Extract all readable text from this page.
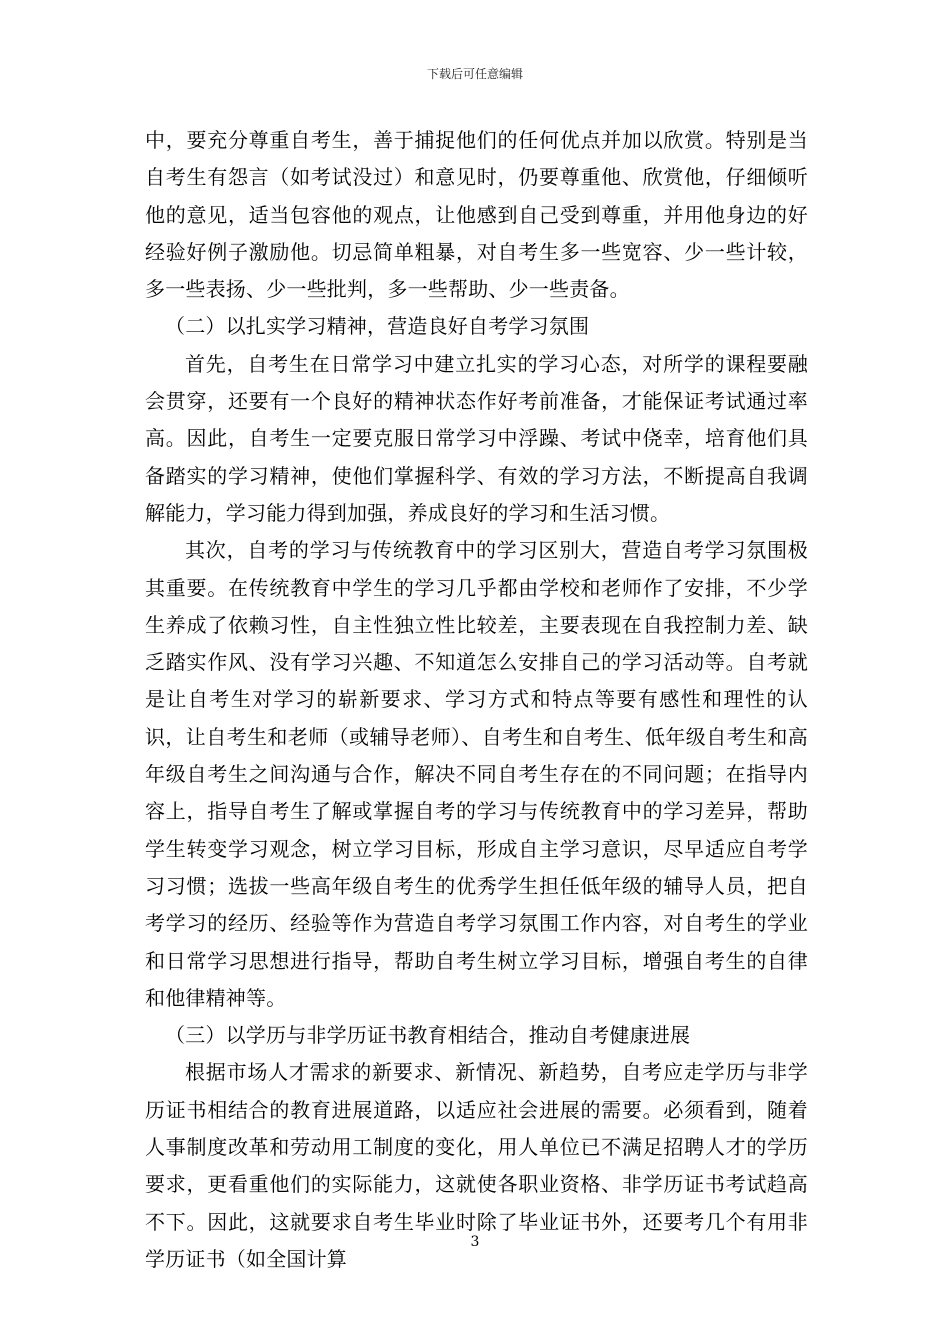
下载后可任意编辑

中，要充分尊重自考生，善于捕捉他们的任何优点并加以欣赏。特别是当自考生有怨言（如考试没过）和意见时，仍要尊重他、欣赏他，仔细倾听他的意见，适当包容他的观点，让他感到自己受到尊重，并用他身边的好经验好例子激励他。切忌简单粗暴，对自考生多一些宽容、少一些计较，多一些表扬、少一些批判，多一些帮助、少一些责备。

（二）以扎实学习精神，营造良好自考学习氛围

首先，自考生在日常学习中建立扎实的学习心态，对所学的课程要融会贯穿，还要有一个良好的精神状态作好考前准备，才能保证考试通过率高。因此，自考生一定要克服日常学习中浮躁、考试中侥幸，培育他们具备踏实的学习精神，使他们掌握科学、有效的学习方法，不断提高自我调解能力，学习能力得到加强，养成良好的学习和生活习惯。

其次，自考的学习与传统教育中的学习区别大，营造自考学习氛围极其重要。在传统教育中学生的学习几乎都由学校和老师作了安排，不少学生养成了依赖习性，自主性独立性比较差，主要表现在自我控制力差、缺乏踏实作风、没有学习兴趣、不知道怎么安排自己的学习活动等。自考就是让自考生对学习的崭新要求、学习方式和特点等要有感性和理性的认识，让自考生和老师（或辅导老师）、自考生和自考生、低年级自考生和高年级自考生之间沟通与合作，解决不同自考生存在的不同问题；在指导内容上，指导自考生了解或掌握自考的学习与传统教育中的学习差异，帮助学生转变学习观念，树立学习目标，形成自主学习意识，尽早适应自考学习习惯；选拔一些高年级自考生的优秀学生担任低年级的辅导人员，把自考学习的经历、经验等作为营造自考学习氛围工作内容，对自考生的学业和日常学习思想进行指导，帮助自考生树立学习目标，增强自考生的自律和他律精神等。

（三）以学历与非学历证书教育相结合，推动自考健康进展

根据市场人才需求的新要求、新情况、新趋势，自考应走学历与非学历证书相结合的教育进展道路，以适应社会进展的需要。必须看到，随着人事制度改革和劳动用工制度的变化，用人单位已不满足招聘人才的学历要求，更看重他们的实际能力，这就使各职业资格、非学历证书考试趋高不下。因此，这就要求自考生毕业时除了毕业证书外，还要考几个有用非学历证书（如全国计算

3
